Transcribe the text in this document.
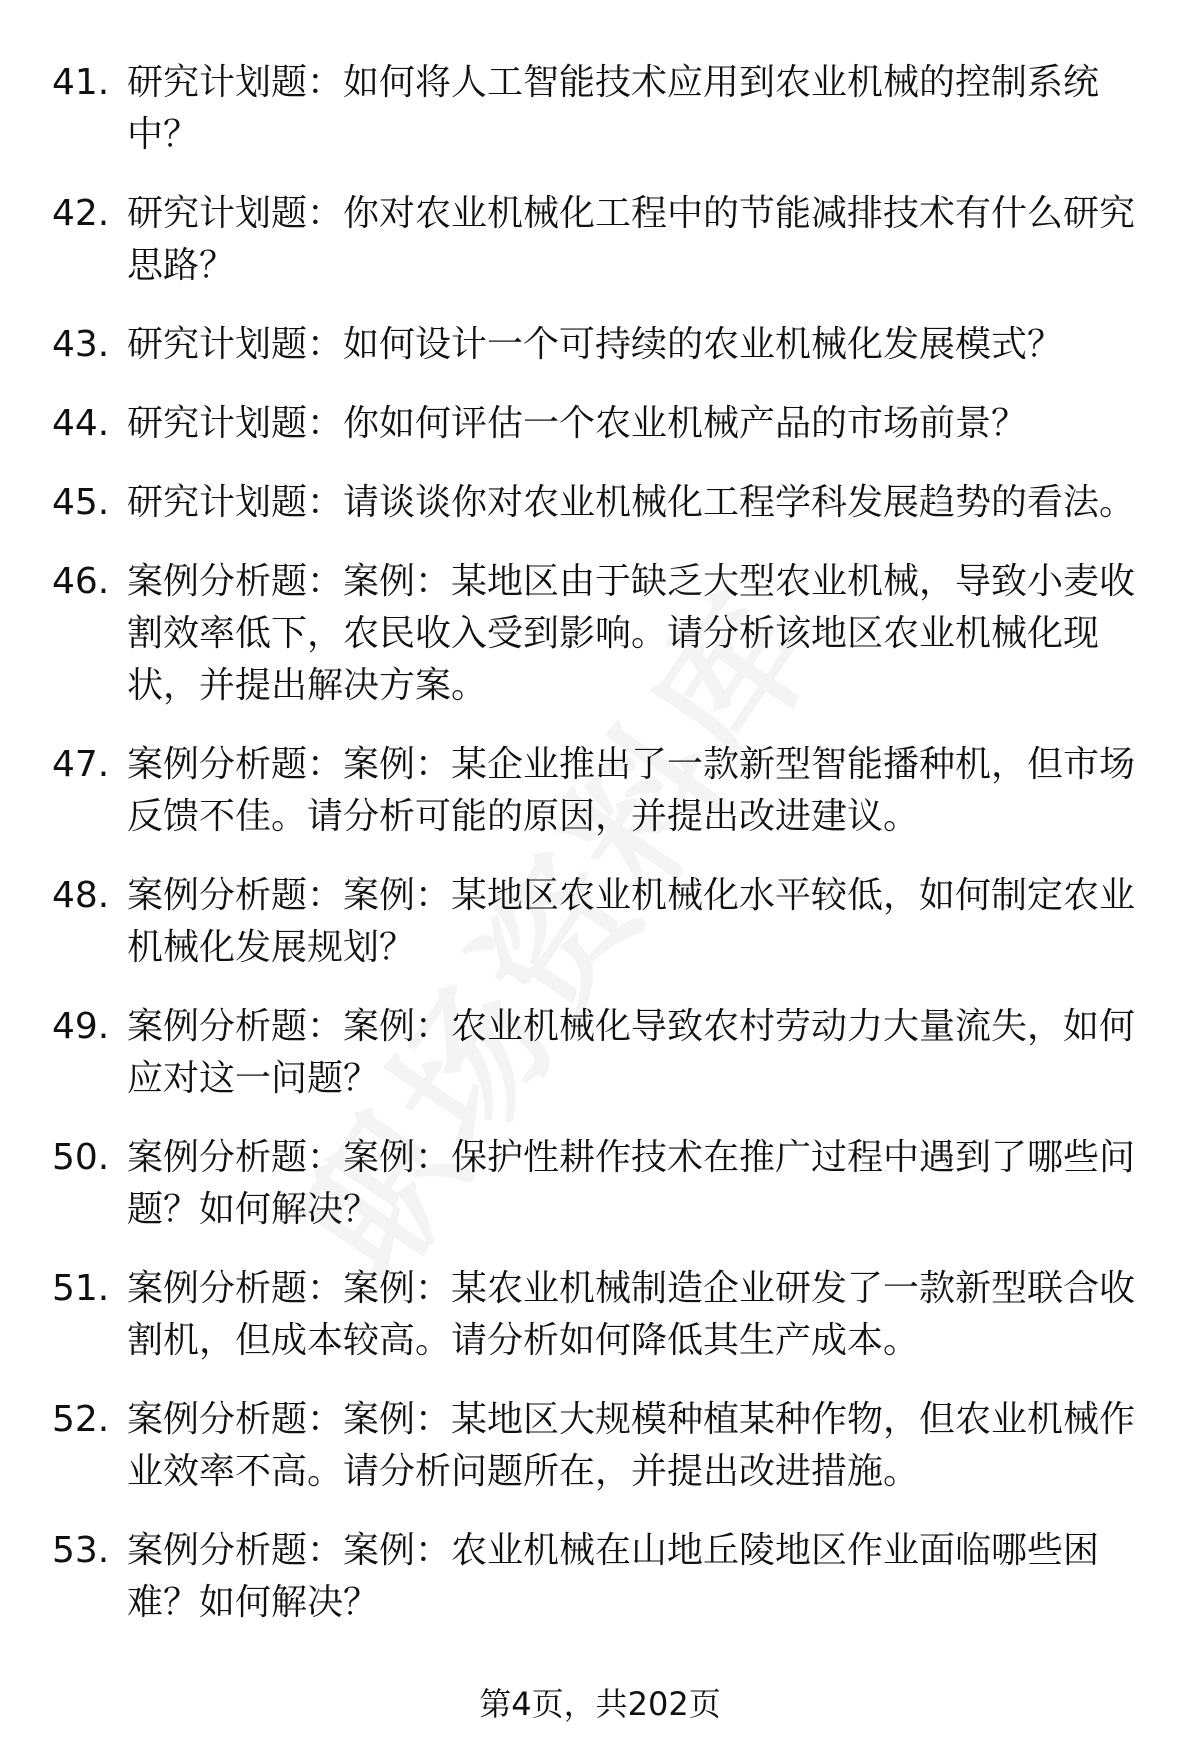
41. 研究计划题：如何将人工智能技术应用到农业机械的控制系统中？
42. 研究计划题：你对农业机械化工程中的节能减排技术有什么研究思路？
43. 研究计划题：如何设计一个可持续的农业机械化发展模式？
44. 研究计划题：你如何评估一个农业机械产品的市场前景？
45. 研究计划题：请谈谈你对农业机械化工程学科发展趋势的看法。
46. 案例分析题：案例：某地区由于缺乏大型农业机械，导致小麦收割效率低下，农民收入受到影响。请分析该地区农业机械化现状，并提出解决方案。
47. 案例分析题：案例：某企业推出了一款新型智能播种机，但市场反馈不佳。请分析可能的原因，并提出改进建议。
48. 案例分析题：案例：某地区农业机械化水平较低，如何制定农业机械化发展规划？
49. 案例分析题：案例：农业机械化导致农村劳动力大量流失，如何应对这一问题？
50. 案例分析题：案例：保护性耕作技术在推广过程中遇到了哪些问题？如何解决？
51. 案例分析题：案例：某农业机械制造企业研发了一款新型联合收割机，但成本较高。请分析如何降低其生产成本。
52. 案例分析题：案例：某地区大规模种植某种作物，但农业机械作业效率不高。请分析问题所在，并提出改进措施。
53. 案例分析题：案例：农业机械在山地丘陵地区作业面临哪些困难？如何解决？
第4页，共202页
